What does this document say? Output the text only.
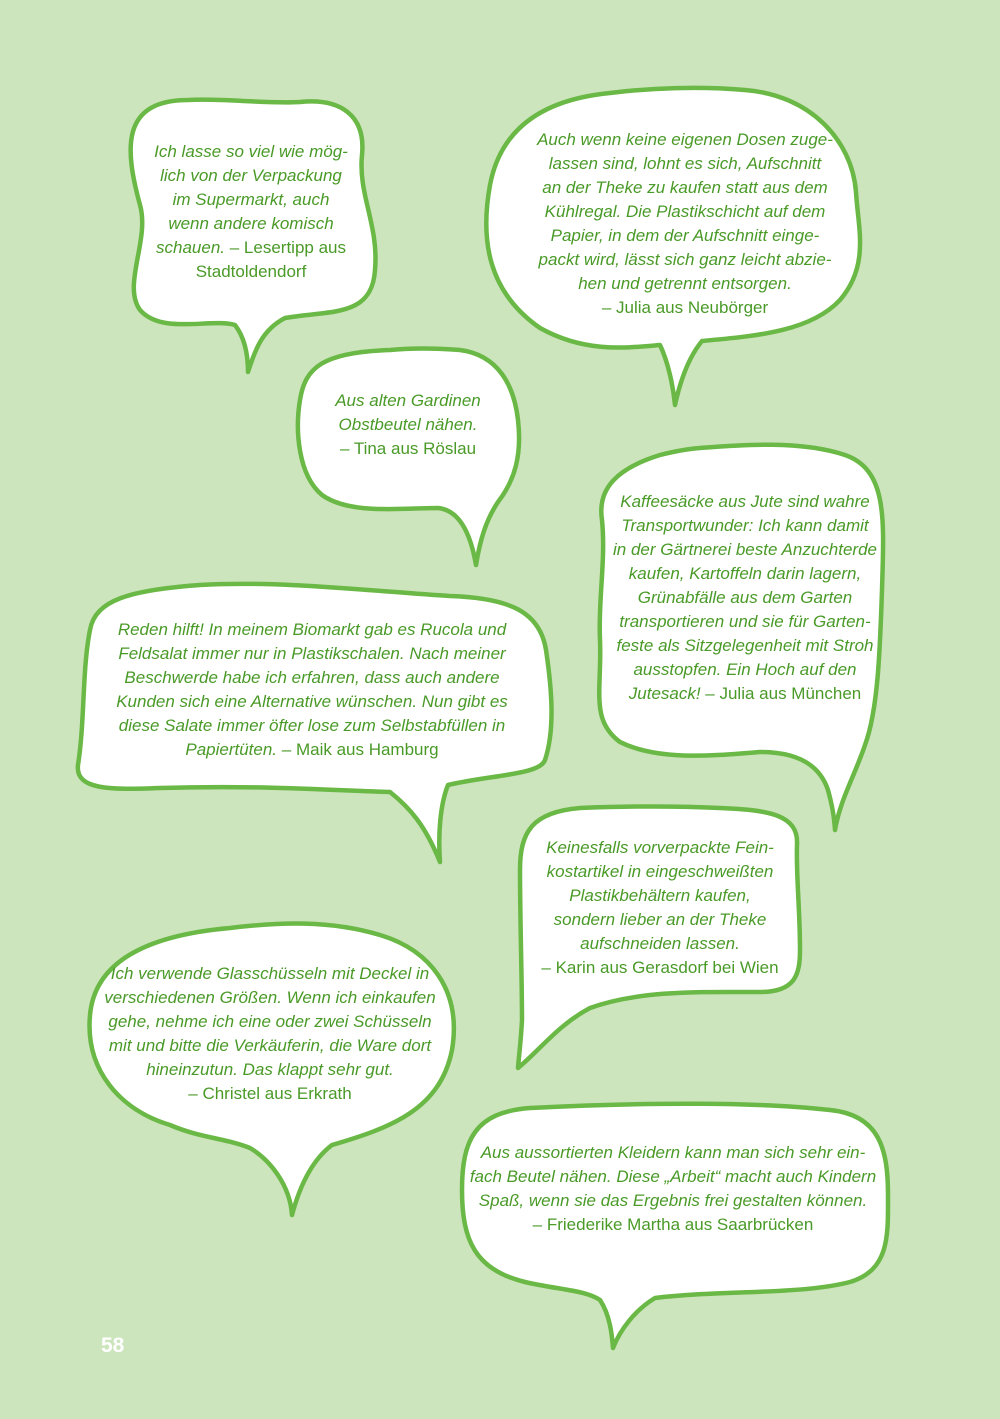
Ich lasse so viel wie mög-
lich von der Verpackung
im Supermarkt, auch
wenn andere komisch
schauen. – Lesertipp aus
Stadtoldendorf
Auch wenn keine eigenen Dosen zuge-
lassen sind, lohnt es sich, Aufschnitt
an der Theke zu kaufen statt aus dem
Kühlregal. Die Plastikschicht auf dem
Papier, in dem der Aufschnitt einge-
packt wird, lässt sich ganz leicht abzie-
hen und getrennt entsorgen.
– Julia aus Neubörger
Aus alten Gardinen
Obstbeutel nähen.
– Tina aus Röslau
Kaffeesäcke aus Jute sind wahre
Transportwunder: Ich kann damit
in der Gärtnerei beste Anzuchterde
kaufen, Kartoffeln darin lagern,
Grünabfälle aus dem Garten
transportieren und sie für Garten-
feste als Sitzgelegenheit mit Stroh
ausstopfen. Ein Hoch auf den
Jutesack! – Julia aus München
Reden hilft! In meinem Biomarkt gab es Rucola und
Feldsalat immer nur in Plastikschalen. Nach meiner
Beschwerde habe ich erfahren, dass auch andere
Kunden sich eine Alternative wünschen. Nun gibt es
diese Salate immer öfter lose zum Selbstabfüllen in
Papiertüten. – Maik aus Hamburg
Keinesfalls vorverpackte Fein-
kostartikel in eingeschweißten
Plastikbehältern kaufen,
sondern lieber an der Theke
aufschneiden lassen.
– Karin aus Gerasdorf bei Wien
Ich verwende Glasschüsseln mit Deckel in
verschiedenen Größen. Wenn ich einkaufen
gehe, nehme ich eine oder zwei Schüsseln
mit und bitte die Verkäuferin, die Ware dort
hineinzutun. Das klappt sehr gut.
– Christel aus Erkrath
Aus aussortierten Kleidern kann man sich sehr ein-
fach Beutel nähen. Diese „Arbeit“ macht auch Kindern
Spaß, wenn sie das Ergebnis frei gestalten können.
– Friederike Martha aus Saarbrücken
58
